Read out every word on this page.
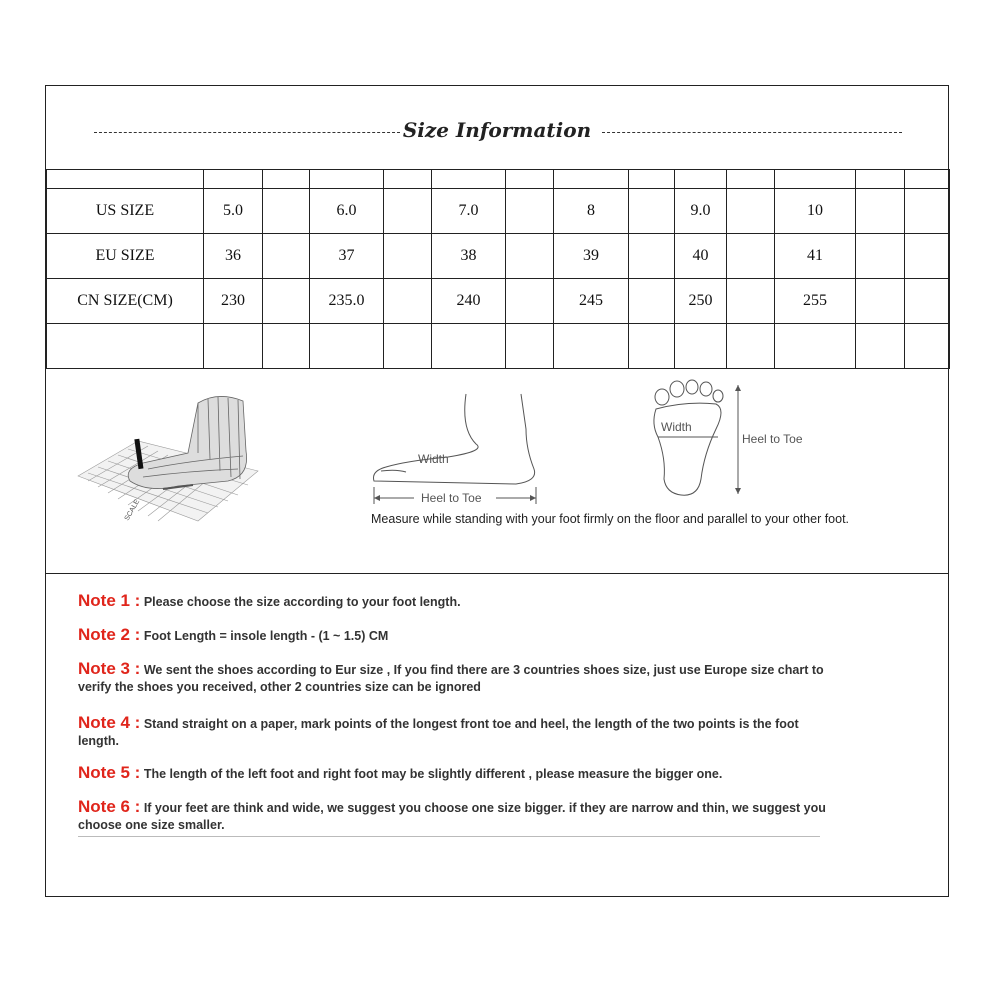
Size Information

US SIZE	5.0		6.0		7.0		8		9.0		10		
EU SIZE	36		37		38		39		40		41		
CN SIZE(CM)	230		235.0		240		245		250		255		

SCALE
Width
Heel to Toe
Width
Heel to Toe
Measure while standing with your foot firmly on the floor and parallel to your other foot.
Note 1 : Please choose the size according to your foot length.
Note 2 : Foot Length = insole length - (1 ~ 1.5) CM
Note 3 : We sent the shoes according to Eur size , If you find there are 3 countries shoes size, just use Europe size chart to verify the shoes you received, other 2 countries size can be ignored
Note 4 : Stand straight on a paper, mark points of the longest front toe and heel, the length of the two points is the foot length.
Note 5 : The length of the left foot and right foot may be slightly different , please measure the bigger one.
Note 6 : If your feet are think and wide, we suggest you choose one size bigger. if they are narrow and thin, we suggest you choose one size smaller.
